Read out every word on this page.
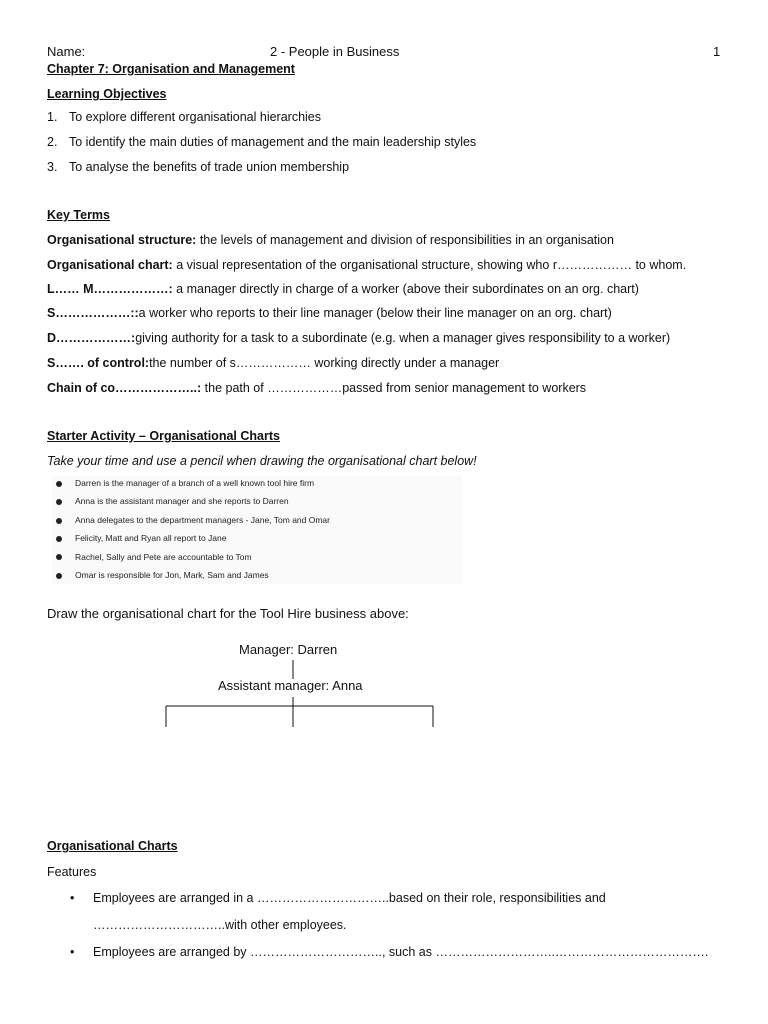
Name:	2 - People in Business	1
Chapter 7: Organisation and Management
Learning Objectives
1. To explore different organisational hierarchies
2. To identify the main duties of management and the main leadership styles
3. To analyse the benefits of trade union membership
Key Terms
Organisational structure: the levels of management and division of responsibilities in an organisation
Organisational chart: a visual representation of the organisational structure, showing who r……………… to whom.
L…… M………………: a manager directly in charge of a worker (above their subordinates on an org. chart)
S………………::a worker who reports to their line manager (below their line manager on an org. chart)
D………………:giving authority for a task to a subordinate (e.g. when a manager gives responsibility to a worker)
S……. of control:the number of s……………… working directly under a manager
Chain of co………………..: the path of ………………passed from senior management to workers
Starter Activity – Organisational Charts
Take your time and use a pencil when drawing the organisational chart below!
Darren is the manager of a branch of a well known tool hire firm
Anna is the assistant manager and she reports to Darren
Anna delegates to the department managers - Jane, Tom and Omar
Felicity, Matt and Ryan all report to Jane
Rachel, Sally and Pete are accountable to Tom
Omar is responsible for Jon, Mark, Sam and James
Draw the organisational chart for the Tool Hire business above:
Manager: Darren
Assistant manager: Anna
Organisational Charts
Features
• Employees are arranged in a …………………………..based on their role, responsibilities and
…………………………..with other employees.
• Employees are arranged by ………………………….., such as ………………………..……………………………….
